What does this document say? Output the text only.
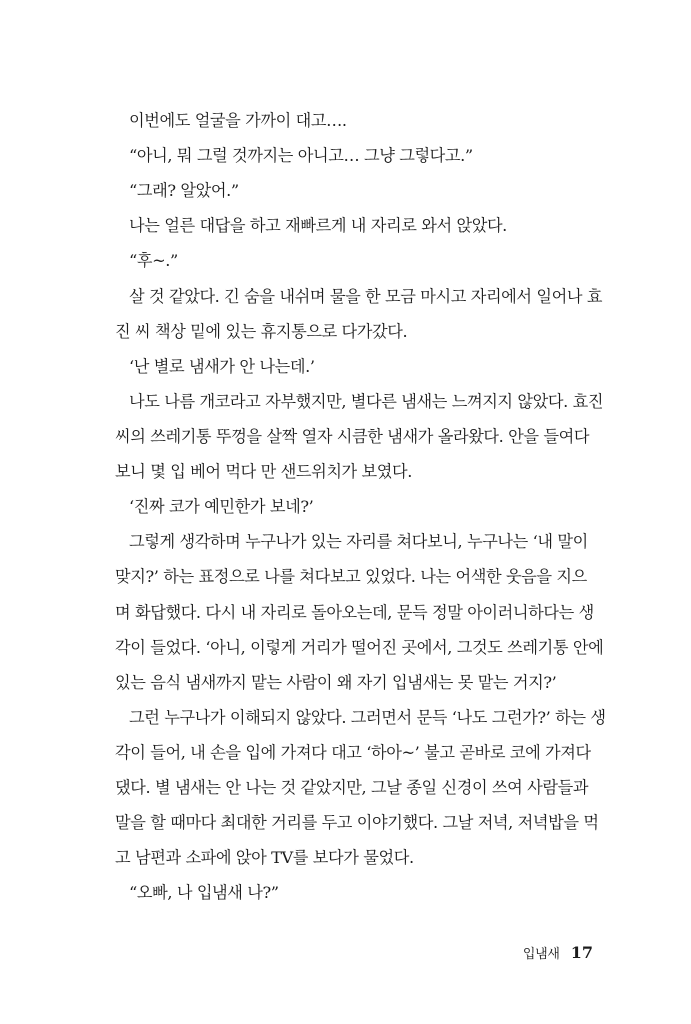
이번에도 얼굴을 가까이 대고….
“아니, 뭐 그럴 것까지는 아니고… 그냥 그렇다고.”
“그래? 알았어.”
나는 얼른 대답을 하고 재빠르게 내 자리로 와서 앉았다.
“후~.”
살 것 같았다. 긴 숨을 내쉬며 물을 한 모금 마시고 자리에서 일어나 효
진 씨 책상 밑에 있는 휴지통으로 다가갔다.
‘난 별로 냄새가 안 나는데.’
나도 나름 개코라고 자부했지만, 별다른 냄새는 느껴지지 않았다. 효진
씨의 쓰레기통 뚜껑을 살짝 열자 시큼한 냄새가 올라왔다. 안을 들여다
보니 몇 입 베어 먹다 만 샌드위치가 보였다.
‘진짜 코가 예민한가 보네?’
그렇게 생각하며 누구나가 있는 자리를 쳐다보니, 누구나는 ‘내 말이
맞지?’ 하는 표정으로 나를 쳐다보고 있었다. 나는 어색한 웃음을 지으
며 화답했다. 다시 내 자리로 돌아오는데, 문득 정말 아이러니하다는 생
각이 들었다. ‘아니, 이렇게 거리가 떨어진 곳에서, 그것도 쓰레기통 안에
있는 음식 냄새까지 맡는 사람이 왜 자기 입냄새는 못 맡는 거지?’
그런 누구나가 이해되지 않았다. 그러면서 문득 ‘나도 그런가?’ 하는 생
각이 들어, 내 손을 입에 가져다 대고 ‘하아~’ 불고 곧바로 코에 가져다
댔다. 별 냄새는 안 나는 것 같았지만, 그날 종일 신경이 쓰여 사람들과
말을 할 때마다 최대한 거리를 두고 이야기했다. 그날 저녁, 저녁밥을 먹
고 남편과 소파에 앉아 TV를 보다가 물었다.
“오빠, 나 입냄새 나?”
입냄새 17
